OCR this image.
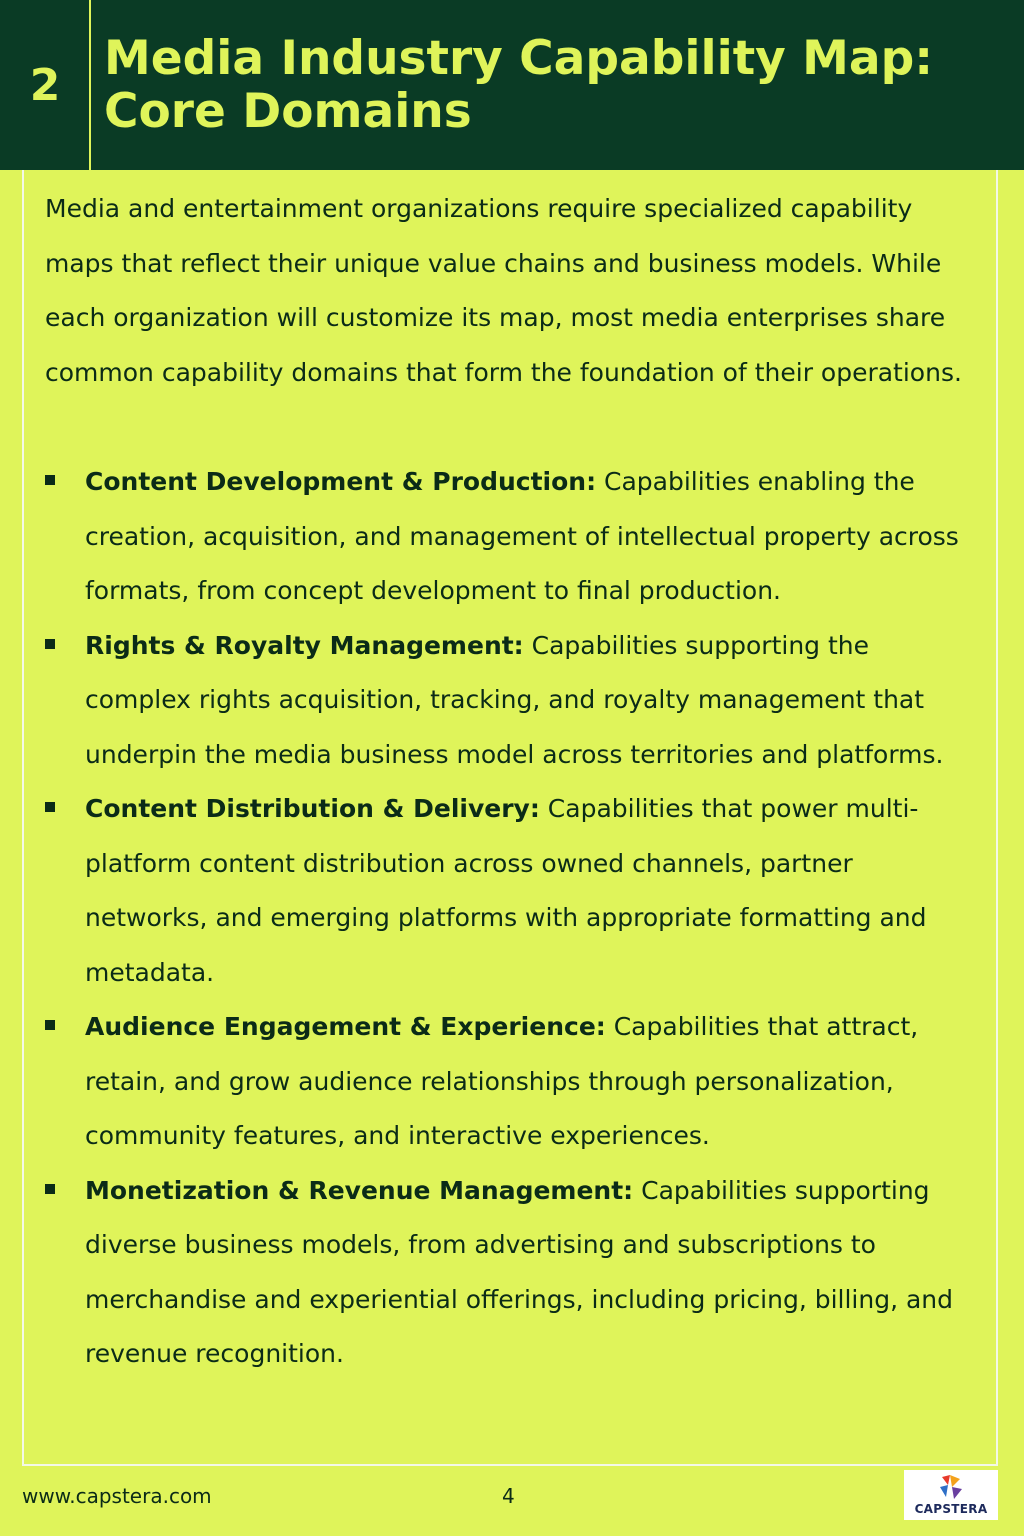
2 Media Industry Capability Map: Core Domains

Media and entertainment organizations require specialized capability maps that reflect their unique value chains and business models. While each organization will customize its map, most media enterprises share common capability domains that form the foundation of their operations.

Content Development & Production: Capabilities enabling the creation, acquisition, and management of intellectual property across formats, from concept development to final production.
Rights & Royalty Management: Capabilities supporting the complex rights acquisition, tracking, and royalty management that underpin the media business model across territories and platforms.
Content Distribution & Delivery: Capabilities that power multi-platform content distribution across owned channels, partner networks, and emerging platforms with appropriate formatting and metadata.
Audience Engagement & Experience: Capabilities that attract, retain, and grow audience relationships through personalization, community features, and interactive experiences.
Monetization & Revenue Management: Capabilities supporting diverse business models, from advertising and subscriptions to merchandise and experiential offerings, including pricing, billing, and revenue recognition.
www.capstera.com	4
CAPSTERA
